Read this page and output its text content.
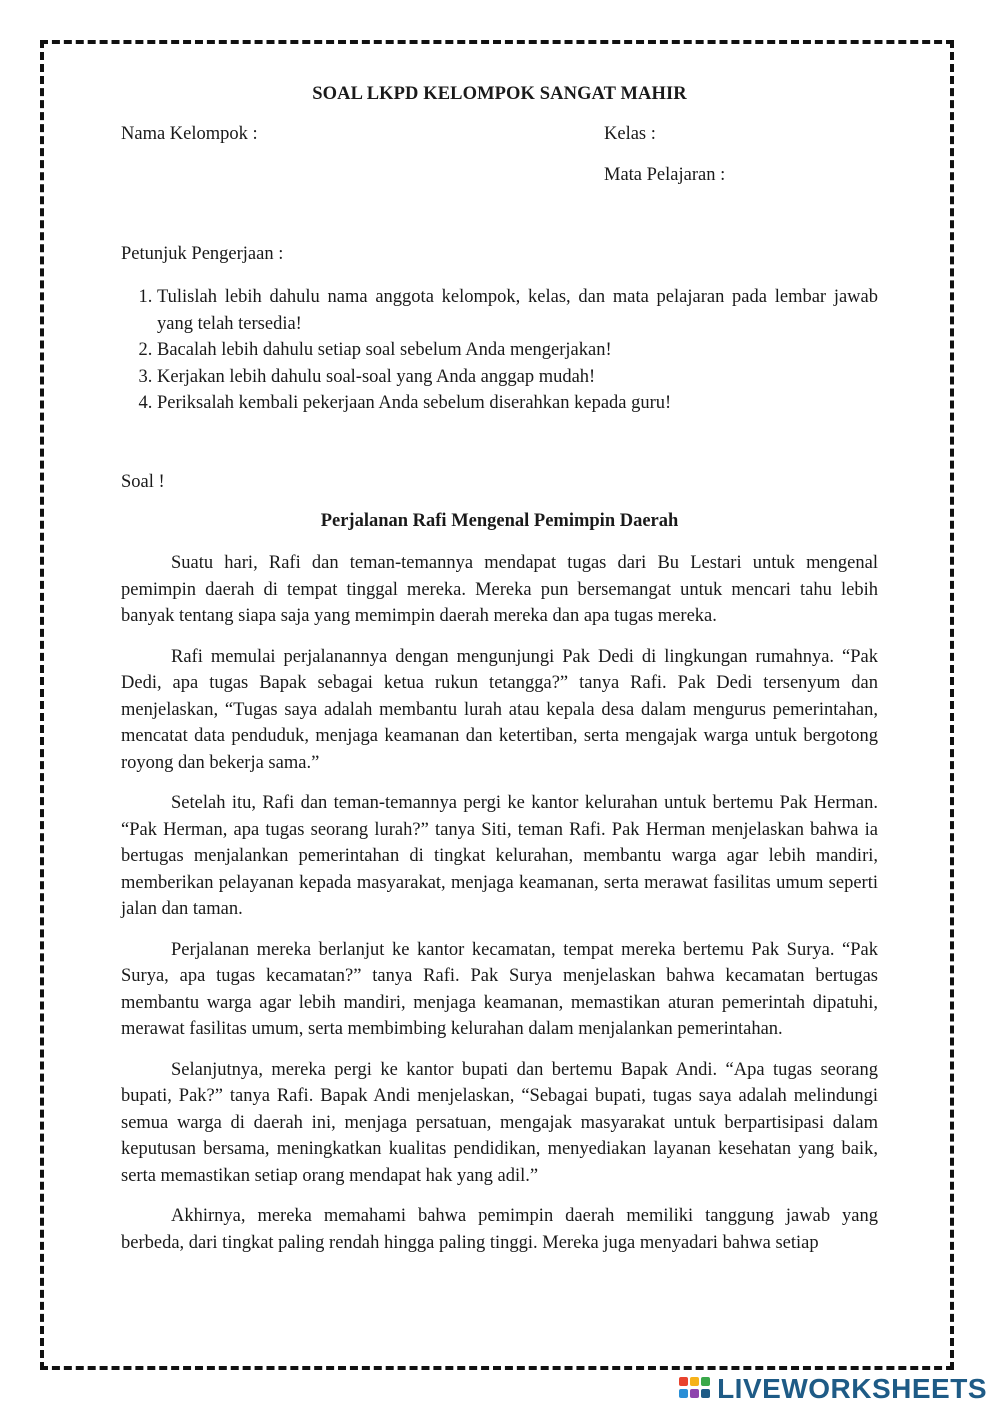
SOAL LKPD KELOMPOK SANGAT MAHIR
Nama Kelompok :	Kelas :
Mata Pelajaran :
Petunjuk Pengerjaan :
1. Tulislah lebih dahulu nama anggota kelompok, kelas, dan mata pelajaran pada lembar jawab yang telah tersedia!
2. Bacalah lebih dahulu setiap soal sebelum Anda mengerjakan!
3. Kerjakan lebih dahulu soal-soal yang Anda anggap mudah!
4. Periksalah kembali pekerjaan Anda sebelum diserahkan kepada guru!
Soal !
Perjalanan Rafi Mengenal Pemimpin Daerah

Suatu hari, Rafi dan teman-temannya mendapat tugas dari Bu Lestari untuk mengenal pemimpin daerah di tempat tinggal mereka. Mereka pun bersemangat untuk mencari tahu lebih banyak tentang siapa saja yang memimpin daerah mereka dan apa tugas mereka.

Rafi memulai perjalanannya dengan mengunjungi Pak Dedi di lingkungan rumahnya. “Pak Dedi, apa tugas Bapak sebagai ketua rukun tetangga?” tanya Rafi. Pak Dedi tersenyum dan menjelaskan, “Tugas saya adalah membantu lurah atau kepala desa dalam mengurus pemerintahan, mencatat data penduduk, menjaga keamanan dan ketertiban, serta mengajak warga untuk bergotong royong dan bekerja sama.”

Setelah itu, Rafi dan teman-temannya pergi ke kantor kelurahan untuk bertemu Pak Herman. “Pak Herman, apa tugas seorang lurah?” tanya Siti, teman Rafi. Pak Herman menjelaskan bahwa ia bertugas menjalankan pemerintahan di tingkat kelurahan, membantu warga agar lebih mandiri, memberikan pelayanan kepada masyarakat, menjaga keamanan, serta merawat fasilitas umum seperti jalan dan taman.

Perjalanan mereka berlanjut ke kantor kecamatan, tempat mereka bertemu Pak Surya. “Pak Surya, apa tugas kecamatan?” tanya Rafi. Pak Surya menjelaskan bahwa kecamatan bertugas membantu warga agar lebih mandiri, menjaga keamanan, memastikan aturan pemerintah dipatuhi, merawat fasilitas umum, serta membimbing kelurahan dalam menjalankan pemerintahan.

Selanjutnya, mereka pergi ke kantor bupati dan bertemu Bapak Andi. “Apa tugas seorang bupati, Pak?” tanya Rafi. Bapak Andi menjelaskan, “Sebagai bupati, tugas saya adalah melindungi semua warga di daerah ini, menjaga persatuan, mengajak masyarakat untuk berpartisipasi dalam keputusan bersama, meningkatkan kualitas pendidikan, menyediakan layanan kesehatan yang baik, serta memastikan setiap orang mendapat hak yang adil.”

Akhirnya, mereka memahami bahwa pemimpin daerah memiliki tanggung jawab yang berbeda, dari tingkat paling rendah hingga paling tinggi. Mereka juga menyadari bahwa setiap

LIVEWORKSHEETS
